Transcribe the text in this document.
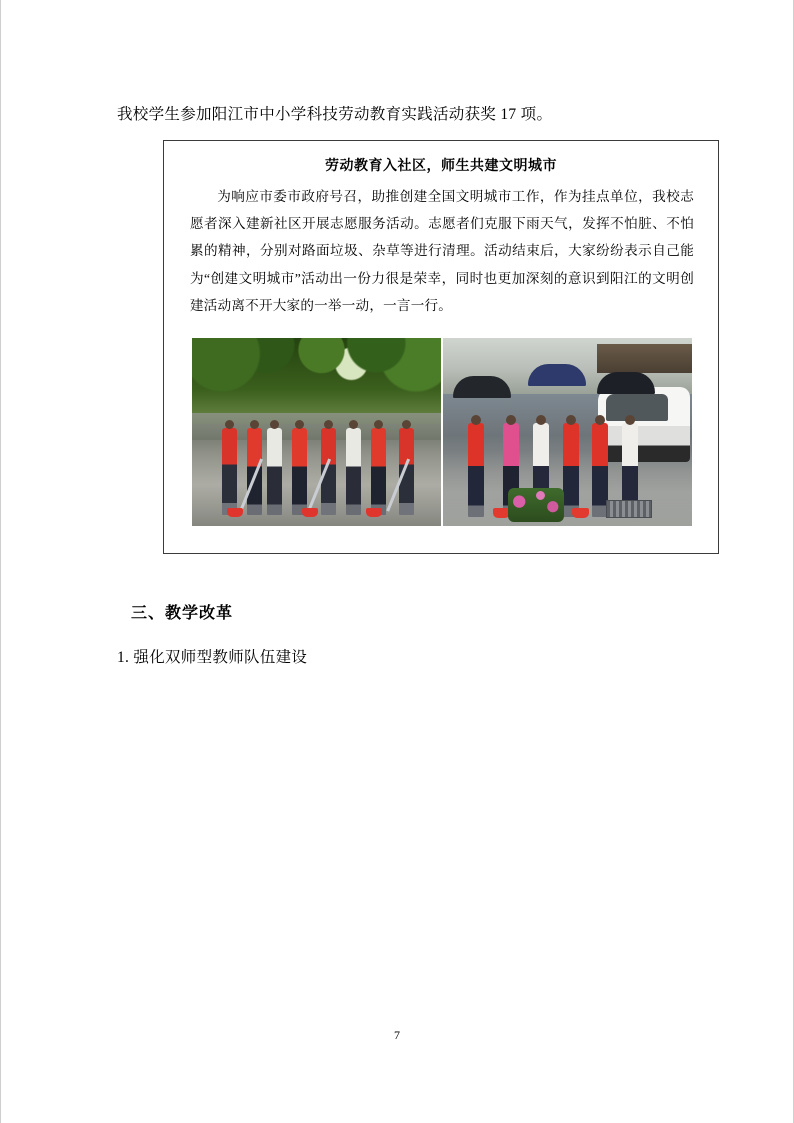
我校学生参加阳江市中小学科技劳动教育实践活动获奖 17 项。
劳动教育入社区，师生共建文明城市
为响应市委市政府号召，助推创建全国文明城市工作，作为挂点单位，我校志愿者深入建新社区开展志愿服务活动。志愿者们克服下雨天气，发挥不怕脏、不怕累的精神，分别对路面垃圾、杂草等进行清理。活动结束后，大家纷纷表示自己能为“创建文明城市”活动出一份力很是荣幸，同时也更加深刻的意识到阳江的文明创建活动离不开大家的一举一动，一言一行。
三、教学改革
1. 强化双师型教师队伍建设
7
